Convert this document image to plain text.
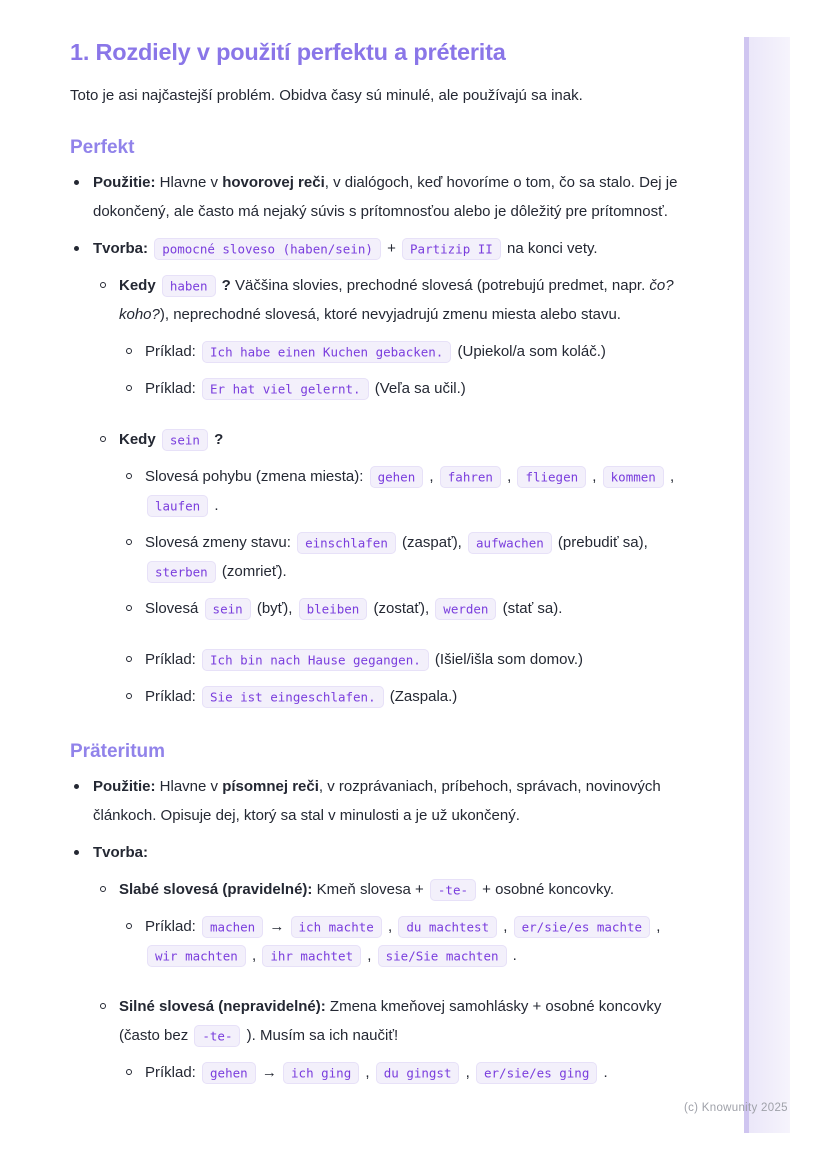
1. Rozdiely v použití perfektu a préterita

Toto je asi najčastejší problém. Obidva časy sú minulé, ale používajú sa inak.

Perfekt
Použitie: Hlavne v hovorovej reči, v dialógoch, keď hovoríme o tom, čo sa stalo. Dej je dokončený, ale často má nejaký súvis s prítomnosťou alebo je dôležitý pre prítomnosť.
Tvorba: pomocné sloveso (haben/sein) + Partizip II na konci vety.
Kedy haben ? Väčšina slovies, prechodné slovesá (potrebujú predmet, napr. čo? koho?), neprechodné slovesá, ktoré nevyjadrujú zmenu miesta alebo stavu.
Príklad: Ich habe einen Kuchen gebacken. (Upiekol/a som koláč.)
Príklad: Er hat viel gelernt. (Veľa sa učil.)
Kedy sein ?
Slovesá pohybu (zmena miesta): gehen , fahren , fliegen , kommen , laufen .
Slovesá zmeny stavu: einschlafen (zaspať), aufwachen (prebudiť sa), sterben (zomrieť).
Slovesá sein (byť), bleiben (zostať), werden (stať sa).
Príklad: Ich bin nach Hause gegangen. (Išiel/išla som domov.)
Príklad: Sie ist eingeschlafen. (Zaspala.)
Präteritum
Použitie: Hlavne v písomnej reči, v rozprávaniach, príbehoch, správach, novinových článkoch. Opisuje dej, ktorý sa stal v minulosti a je už ukončený.
Tvorba:
Slabé slovesá (pravidelné): Kmeň slovesa + -te- + osobné koncovky.
Príklad: machen → ich machte , du machtest , er/sie/es machte , wir machten , ihr machtet , sie/Sie machten .
Silné slovesá (nepravidelné): Zmena kmeňovej samohlásky + osobné koncovky (často bez -te- ). Musím sa ich naučiť!
Príklad: gehen → ich ging , du gingst , er/sie/es ging .
(c) Knowunity 2025
